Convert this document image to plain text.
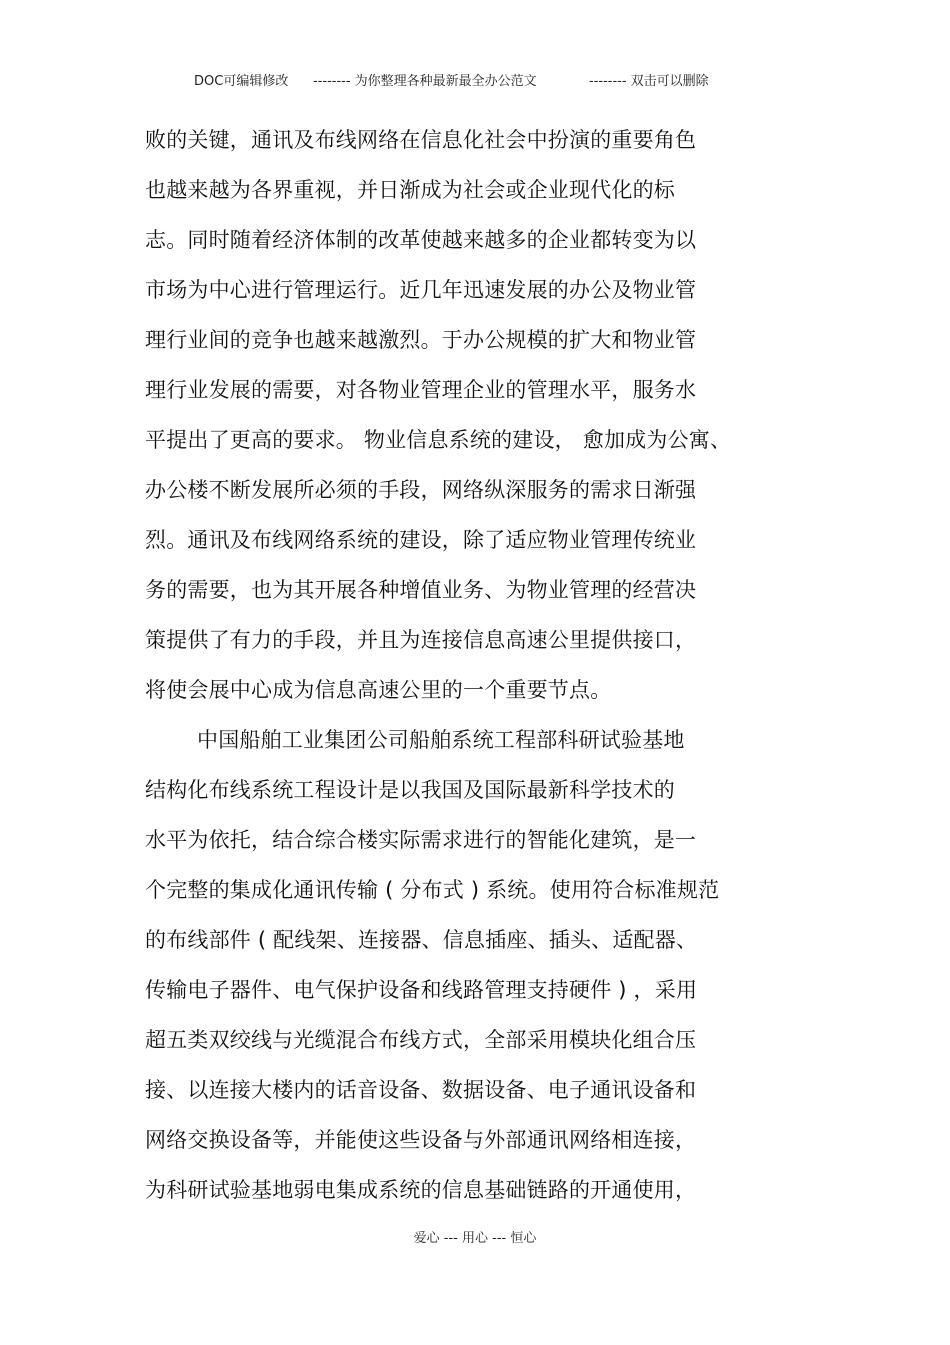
DOC可编辑修改 -------- 为你整理各种最新最全办公范文	-------- 双击可以删除
败的关键，通讯及布线网络在信息化社会中扮演的重要角色
也越来越为各界重视，并日渐成为社会或企业现代化的标
志。同时随着经济体制的改革使越来越多的企业都转变为以
市场为中心进行管理运行。近几年迅速发展的办公及物业管
理行业间的竞争也越来越激烈。于办公规模的扩大和物业管
理行业发展的需要，对各物业管理企业的管理水平，服务水
平提出了更高的要求。 物业信息系统的建设， 愈加成为公寓、
办公楼不断发展所必须的手段，网络纵深服务的需求日渐强
烈。通讯及布线网络系统的建设，除了适应物业管理传统业
务的需要，也为其开展各种增值业务、为物业管理的经营决
策提供了有力的手段，并且为连接信息高速公里提供接口，
将使会展中心成为信息高速公里的一个重要节点。
中国船舶工业集团公司船舶系统工程部科研试验基地
结构化布线系统工程设计是以我国及国际最新科学技术的
水平为依托，结合综合楼实际需求进行的智能化建筑，是一
个完整的集成化通讯传输 ( 分布式 ) 系统。使用符合标准规范
的布线部件 ( 配线架、连接器、信息插座、插头、适配器、
传输电子器件、电气保护设备和线路管理支持硬件 ) ，采用
超五类双绞线与光缆混合布线方式，全部采用模块化组合压
接、以连接大楼内的话音设备、数据设备、电子通讯设备和
网络交换设备等，并能使这些设备与外部通讯网络相连接，
为科研试验基地弱电集成系统的信息基础链路的开通使用，
爱心 --- 用心 --- 恒心
